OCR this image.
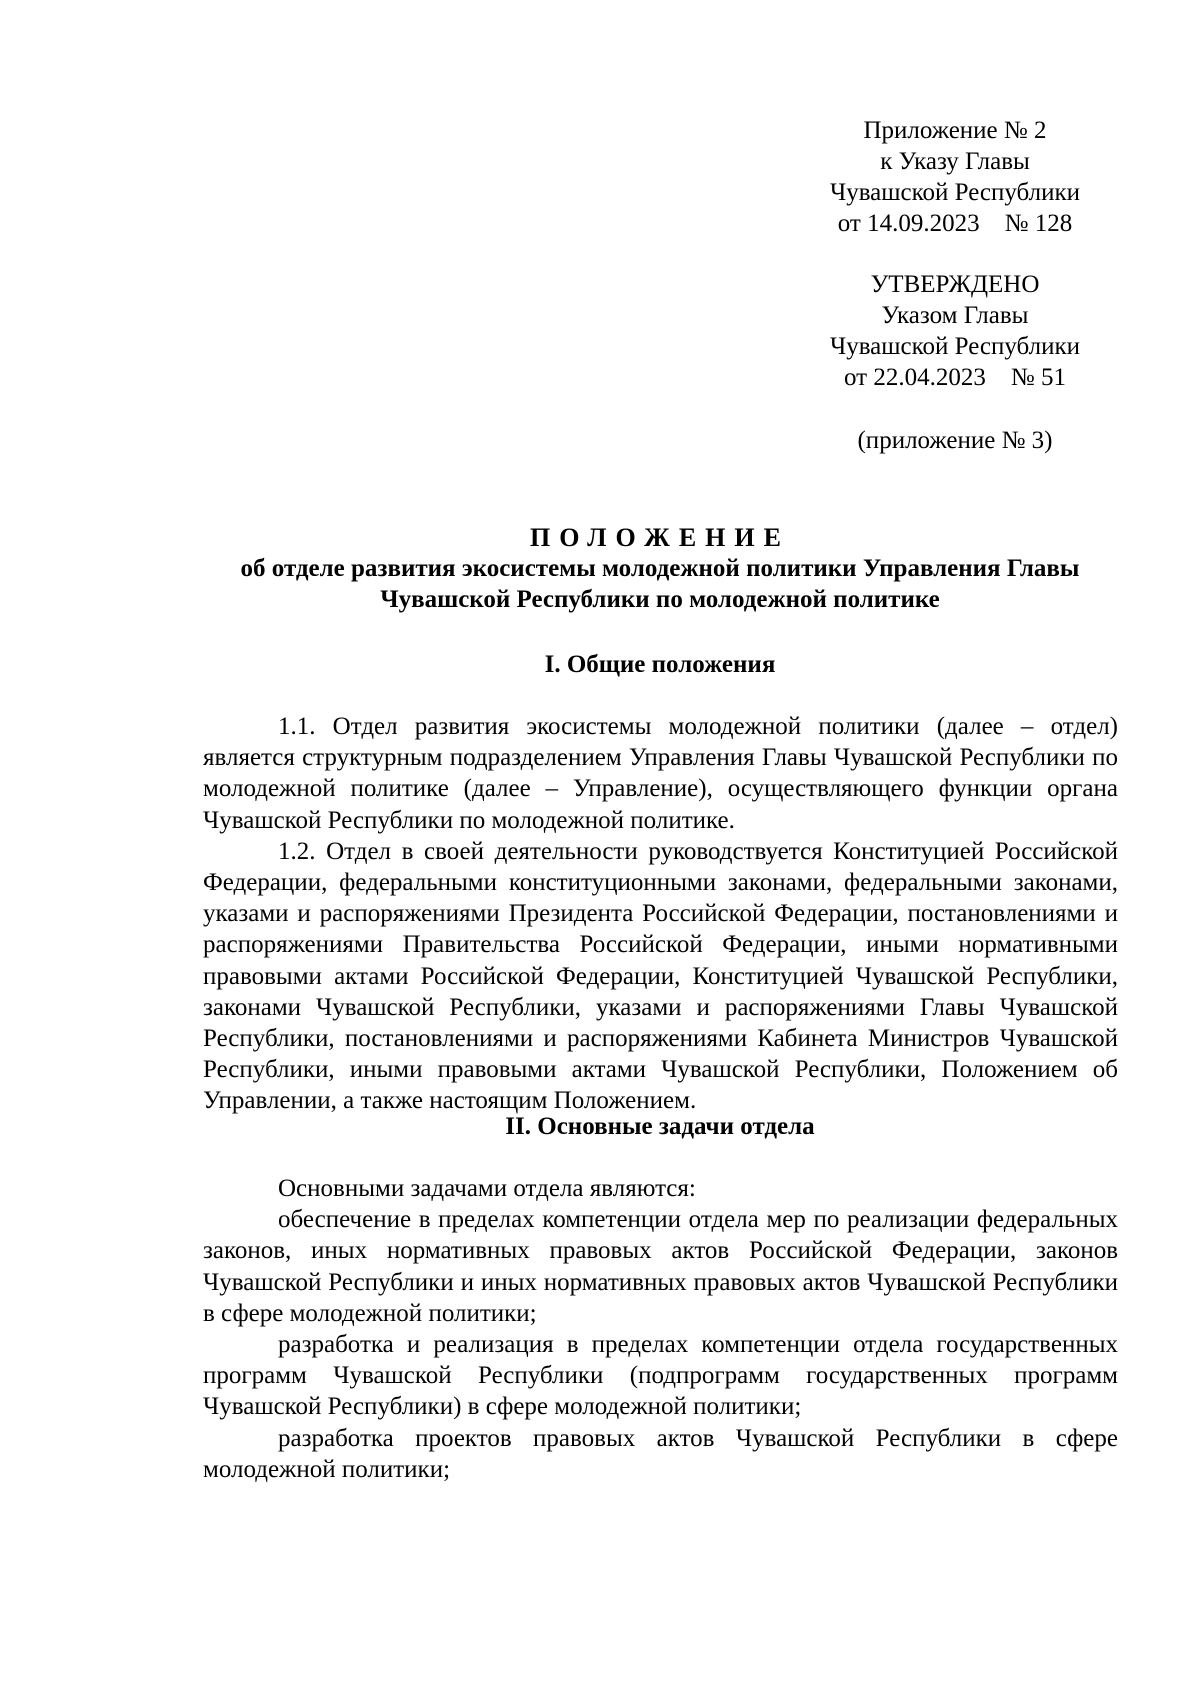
Приложение № 2
к Указу Главы
Чувашской Республики
от 14.09.2023    № 128
УТВЕРЖДЕНО
Указом Главы
Чувашской Республики
от 22.04.2023    № 51
(приложение № 3)
ПОЛОЖЕНИЕ
об отделе развития экосистемы молодежной политики Управления Главы
Чувашской Республики по молодежной политике
I. Общие положения

1.1. Отдел развития экосистемы молодежной политики (далее – отдел) является структурным подразделением Управления Главы Чувашской Республики по молодежной политике (далее – Управление), осуществляющего функции органа Чувашской Республики по молодежной политике.

1.2. Отдел в своей деятельности руководствуется Конституцией Российской Федерации, федеральными конституционными законами, федеральными законами, указами и распоряжениями Президента Российской Федерации, постановлениями и распоряжениями Правительства Российской Федерации, иными нормативными правовыми актами Российской Федерации, Конституцией Чувашской Республики, законами Чувашской Республики, указами и распоряжениями Главы Чувашской Республики, постановлениями и распоряжениями Кабинета Министров Чувашской Республики, иными правовыми актами Чувашской Республики, Положением об Управлении, а также настоящим Положением.

II. Основные задачи отдела

Основными задачами отдела являются:

обеспечение в пределах компетенции отдела мер по реализации федеральных законов, иных нормативных правовых актов Российской Федерации, законов Чувашской Республики и иных нормативных правовых актов Чувашской Республики в сфере молодежной политики;

разработка и реализация в пределах компетенции отдела государственных программ Чувашской Республики (подпрограмм государственных программ Чувашской Республики) в сфере молодежной политики;

разработка проектов правовых актов Чувашской Республики в сфере молодежной политики;
